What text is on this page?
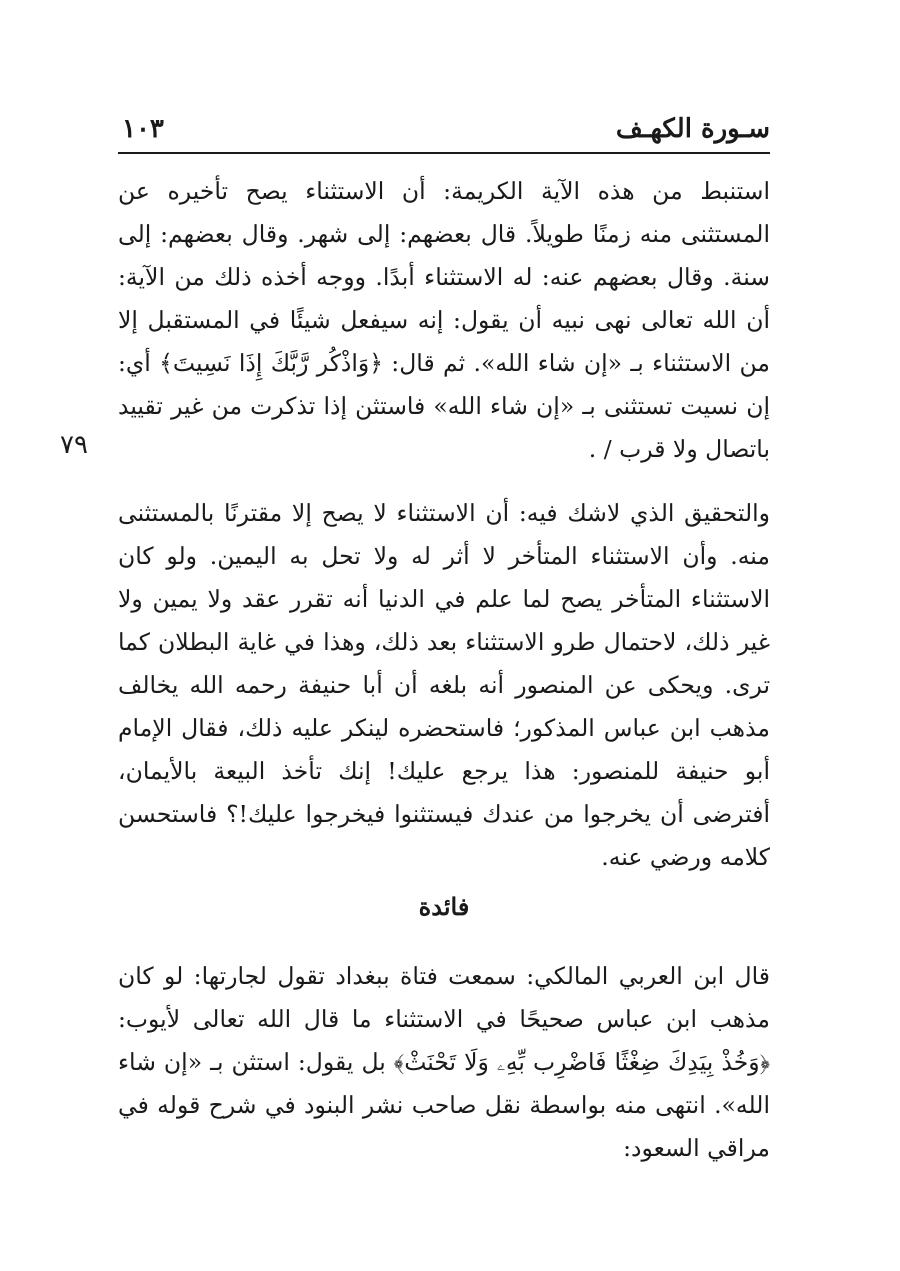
سـورة الكهـف
١٠٣
٧٩

استنبط من هذه الآية الكريمة: أن الاستثناء يصح تأخيره عن المستثنى منه زمنًا طويلاً. قال بعضهم: إلى شهر. وقال بعضهم: إلى سنة. وقال بعضهم عنه: له الاستثناء أبدًا. ووجه أخذه ذلك من الآية: أن الله تعالى نهى نبيه أن يقول: إنه سيفعل شيئًا في المستقبل إلا من الاستثناء بـ «إن شاء الله». ثم قال: ﴿وَاذْكُر رَّبَّكَ إِذَا نَسِيتَ﴾ أي: إن نسيت تستثنى بـ «إن شاء الله» فاستثن إذا تذكرت من غير تقييد باتصال ولا قرب / .

والتحقيق الذي لاشك فيه: أن الاستثناء لا يصح إلا مقترنًا بالمستثنى منه. وأن الاستثناء المتأخر لا أثر له ولا تحل به اليمين. ولو كان الاستثناء المتأخر يصح لما علم في الدنيا أنه تقرر عقد ولا يمين ولا غير ذلك، لاحتمال طرو الاستثناء بعد ذلك، وهذا في غاية البطلان كما ترى. ويحكى عن المنصور أنه بلغه أن أبا حنيفة رحمه الله يخالف مذهب ابن عباس المذكور؛ فاستحضره لينكر عليه ذلك، فقال الإمام أبو حنيفة للمنصور: هذا يرجع عليك! إنك تأخذ البيعة بالأيمان، أفترضى أن يخرجوا من عندك فيستثنوا فيخرجوا عليك!؟ فاستحسن كلامه ورضي عنه.

فائدة

قال ابن العربي المالكي: سمعت فتاة ببغداد تقول لجارتها: لو كان مذهب ابن عباس صحيحًا في الاستثناء ما قال الله تعالى لأيوب: ﴿وَخُذْ بِيَدِكَ ضِغْثًا فَاضْرِب بِّهِۦ وَلَا تَحْنَثْ﴾ بل يقول: استثن بـ «إن شاء الله». انتهى منه بواسطة نقل صاحب نشر البنود في شرح قوله في مراقي السعود:
